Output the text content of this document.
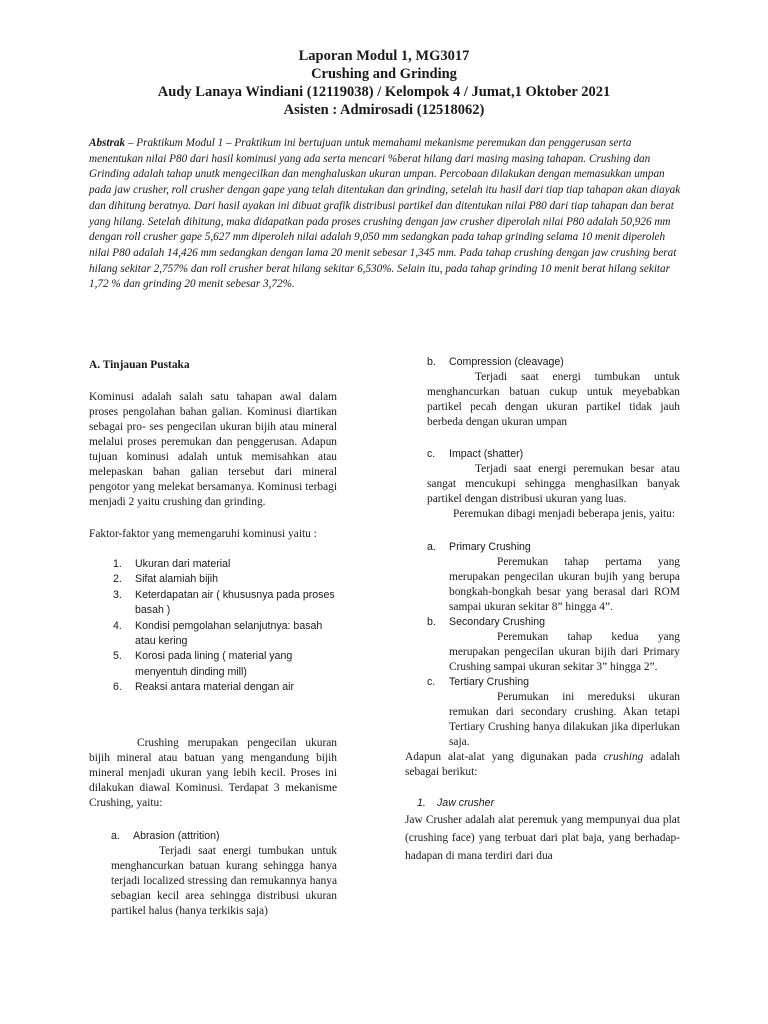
Laporan Modul 1, MG3017
Crushing and Grinding
Audy Lanaya Windiani (12119038) / Kelompok 4 / Jumat,1 Oktober 2021
Asisten : Admirosadi (12518062)
Abstrak – Praktikum Modul 1 – Praktikum ini bertujuan untuk memahami mekanisme peremukan dan penggerusan serta menentukan nilai P80 dari hasil kominusi yang ada serta mencari %berat hilang dari masing masing tahapan. Crushing dan Grinding adalah tahap unutk mengecilkan dan menghaluskan ukuran umpan. Percobaan dilakukan dengan memasukkan umpan pada jaw crusher, roll crusher dengan gape yang telah ditentukan dan grinding, setelah itu hasil dari tiap tiap tahapan akan diayak dan dihitung beratnya. Dari hasil ayakan ini dibuat grafik distribusi partikel dan ditentukan nilai P80 dari tiap tahapan dan berat yang hilang. Setelah dihitung, maka didapatkan pada proses crushing dengan jaw crusher diperolah nilai P80 adalah 50,926 mm dengan roll crusher gape 5,627 mm diperoleh nilai adalah 9,050 mm sedangkan pada tahap grinding selama 10 menit diperoleh nilai P80 adalah 14,426 mm sedangkan dengan lama 20 menit sebesar 1,345 mm. Pada tahap crushing dengan jaw crushing berat hilang sekitar 2,757% dan roll crusher berat hilang sekitar 6,530%. Selain itu, pada tahap grinding 10 menit berat hilang sekitar 1,72 % dan grinding 20 menit sebesar 3,72%.
A. Tinjauan Pustaka

Kominusi adalah salah satu tahapan awal dalam proses pengolahan bahan galian. Kominusi diartikan sebagai pro- ses pengecilan ukuran bijih atau mineral melalui proses peremukan dan penggerusan. Adapun tujuan kominusi adalah untuk memisahkan atau melepaskan bahan galian tersebut dari mineral pengotor yang melekat bersamanya. Kominusi terbagi menjadi 2 yaitu crushing dan grinding.

Faktor-faktor yang memengaruhi kominusi yaitu :

1. Ukuran dari material
2. Sifat alamiah bijih
3. Keterdapatan air ( khususnya pada proses basah )
4. Kondisi pemgolahan selanjutnya: basah atau kering
5. Korosi pada lining ( material yang menyentuh dinding mill)
6. Reaksi antara material dengan air

Crushing merupakan pengecilan ukuran bijih mineral atau batuan yang mengandung bijih mineral menjadi ukuran yang lebih kecil. Proses ini dilakukan diawal Kominusi. Terdapat 3 mekanisme Crushing, yaitu:

a. Abrasion (attrition)
Terjadi saat energi tumbukan untuk menghancurkan batuan kurang sehingga hanya terjadi localized stressing dan remukannya hanya sebagian kecil area sehingga distribusi ukuran partikel halus (hanya terkikis saja)
b. Compression (cleavage)
Terjadi saat energi tumbukan untuk menghancurkan batuan cukup untuk meyebabkan partikel pecah dengan ukuran partikel tidak jauh berbeda dengan ukuran umpan
c. Impact (shatter)
Terjadi saat energi peremukan besar atau sangat mencukupi sehingga menghasilkan banyak partikel dengan distribusi ukuran yang luas.
Peremukan dibagi menjadi beberapa jenis, yaitu:
a. Primary Crushing
Peremukan tahap pertama yang merupakan pengecilan ukuran bujih yang berupa bongkah-bongkah besar yang berasal dari ROM sampai ukuran sekitar 8” hingga 4”.
b. Secondary Crushing
Peremukan tahap kedua yang merupakan pengecilan ukuran bijih dari Primary Crushing sampai ukuran sekitar 3” hingga 2”.
c. Tertiary Crushing
Perumukan ini mereduksi ukuran remukan dari secondary crushing. Akan tetapi Tertiary Crushing hanya dilakukan jika diperlukan saja.

Adapun alat-alat yang digunakan pada crushing adalah sebagai berikut:

1. Jaw crusher

Jaw Crusher adalah alat peremuk yang mempunyai dua plat (crushing face) yang terbuat dari plat baja, yang berhadap-hadapan di mana terdiri dari dua
